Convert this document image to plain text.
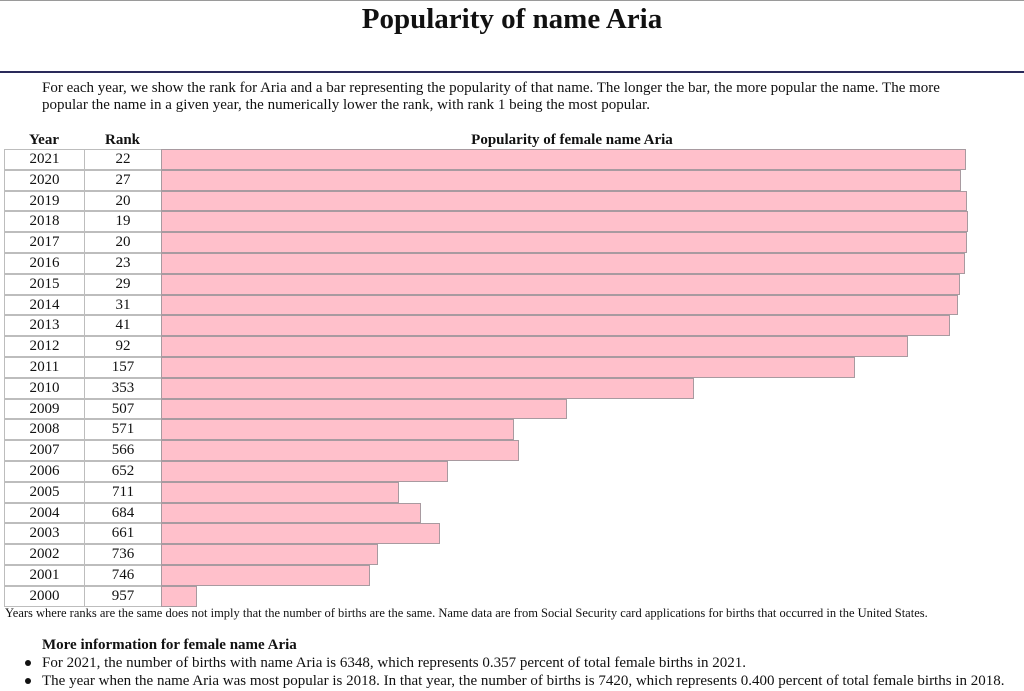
Popularity of name Aria

For each year, we show the rank for Aria and a bar representing the popularity of that name. The longer the bar, the more popular the name. The more popular the name in a given year, the numerically lower the rank, with rank 1 being the most popular.

Year	Rank	Popularity of female name Aria
2021	22
2020	27
2019	20
2018	19
2017	20
2016	23
2015	29
2014	31
2013	41
2012	92
2011	157
2010	353
2009	507
2008	571
2007	566
2006	652
2005	711
2004	684
2003	661
2002	736
2001	746
2000	957

Years where ranks are the same does not imply that the number of births are the same. Name data are from Social Security card applications for births that occurred in the United States.

More information for female name Aria
For 2021, the number of births with name Aria is 6348, which represents 0.357 percent of total female births in 2021.
The year when the name Aria was most popular is 2018. In that year, the number of births is 7420, which represents 0.400 percent of total female births in 2018.
